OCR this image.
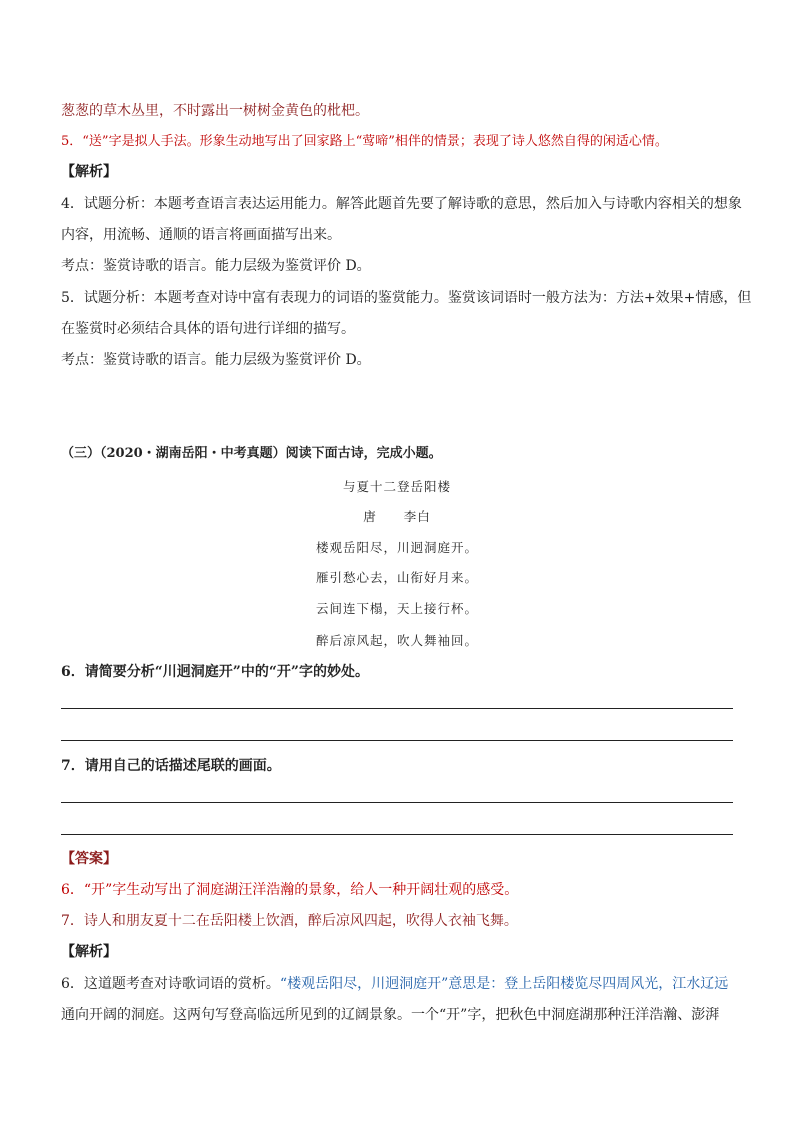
葱葱的草木丛里，不时露出一树树金黄色的枇杷。
5．“送”字是拟人手法。形象生动地写出了回家路上“莺啼”相伴的情景；表现了诗人悠然自得的闲适心情。
【解析】
4．试题分析：本题考查语言表达运用能力。解答此题首先要了解诗歌的意思，然后加入与诗歌内容相关的想象
内容，用流畅、通顺的语言将画面描写出来。
考点：鉴赏诗歌的语言。能力层级为鉴赏评价 D。
5．试题分析：本题考查对诗中富有表现力的词语的鉴赏能力。鉴赏该词语时一般方法为：方法+效果+情感，但
在鉴赏时必须结合具体的语句进行详细的描写。
考点：鉴赏诗歌的语言。能力层级为鉴赏评价 D。
（三）（2020・湖南岳阳・中考真题）阅读下面古诗，完成小题。
与夏十二登岳阳楼
唐　　李白
楼观岳阳尽，川迥洞庭开。
雁引愁心去，山衔好月来。
云间连下榻，天上接行杯。
醉后凉风起，吹人舞袖回。
6．请简要分析“川迥洞庭开”中的“开”字的妙处。
7．请用自己的话描述尾联的画面。
【答案】
6．“开”字生动写出了洞庭湖汪洋浩瀚的景象，给人一种开阔壮观的感受。
7．诗人和朋友夏十二在岳阳楼上饮酒，醉后凉风四起，吹得人衣袖飞舞。
【解析】
6．这道题考查对诗歌词语的赏析。“楼观岳阳尽，川迥洞庭开”意思是：登上岳阳楼览尽四周风光，江水辽远
通向开阔的洞庭。这两句写登高临远所见到的辽阔景象。一个“开”字，把秋色中洞庭湖那种汪洋浩瀚、澎湃
